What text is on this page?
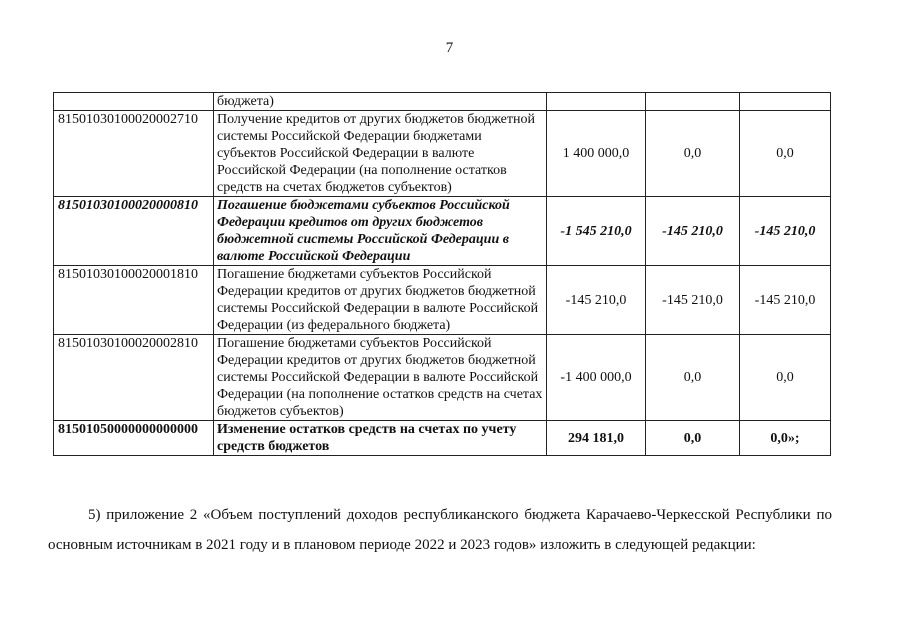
7
	бюджета)			
81501030100020002710	Получение кредитов от других бюджетов бюджетной системы Российской Федерации бюджетами субъектов Российской Федерации в валюте Российской Федерации (на пополнение остатков средств на счетах бюджетов субъектов)	1 400 000,0	0,0	0,0
81501030100020000810	Погашение бюджетами субъектов Российской Федерации кредитов от других бюджетов бюджетной системы Российской Федерации в валюте Российской Федерации	-1 545 210,0	-145 210,0	-145 210,0
81501030100020001810	Погашение бюджетами субъектов Российской Федерации кредитов от других бюджетов бюджетной системы Российской Федерации в валюте Российской Федерации (из федерального бюджета)	-145 210,0	-145 210,0	-145 210,0
81501030100020002810	Погашение бюджетами субъектов Российской Федерации кредитов от других бюджетов бюджетной системы Российской Федерации в валюте Российской Федерации (на пополнение остатков средств на счетах бюджетов субъектов)	-1 400 000,0	0,0	0,0
81501050000000000000	Изменение остатков средств на счетах по учету средств бюджетов	294 181,0	0,0	0,0»;

5) приложение 2 «Объем поступлений доходов республиканского бюджета Карачаево-Черкесской Республики по основным источникам в 2021 году и в плановом периоде 2022 и 2023 годов» изложить в следующей редакции:
